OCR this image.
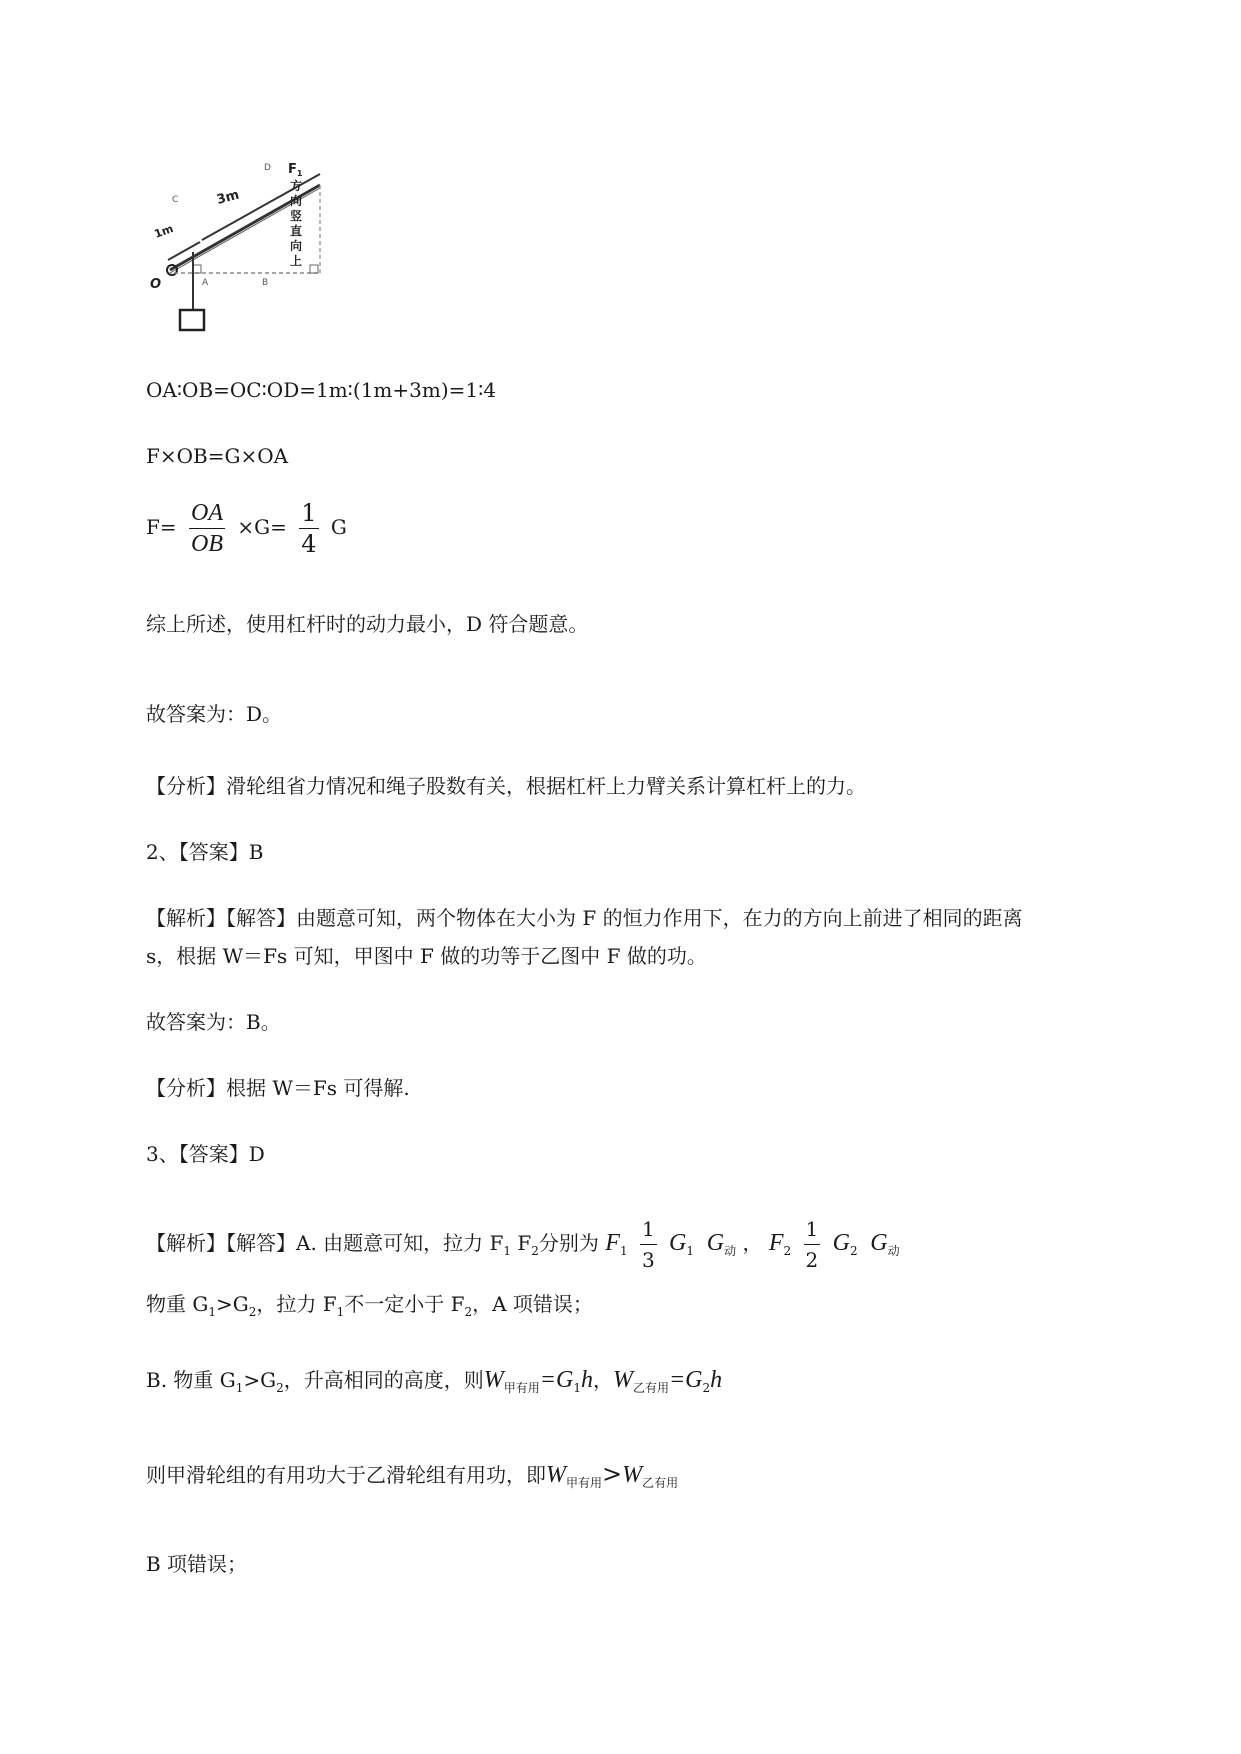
D $F_1$
方
向
竖
直
向
上
C	3m
1m
O	A	B
OA∶OB=OC∶OD=1m∶(1m+3m)=1∶4
F×OB=G×OA
$F= \frac{OA}{OB} \times G= \frac{1}{4}$ G
综上所述，使用杠杆时的动力最小，D 符合题意。
故答案为：D。
【分析】滑轮组省力情况和绳子股数有关，根据杠杆上力臂关系计算杠杆上的力。
2、【答案】B
【解析】【解答】由题意可知，两个物体在大小为 F 的恒力作用下，在力的方向上前进了相同的距离
s，根据 W＝Fs 可知，甲图中 F 做的功等于乙图中 F 做的功。
故答案为：B。
【分析】根据 W＝Fs 可得解.
3、【答案】D
【解析】【解答】A. 由题意可知，拉力 $F_1$ $F_2$分别为 $F_1 \frac{1}{3} G_1$ $G_动$ ， $F_2 \frac{1}{2} G_2$ $G_动$
物重 $G_1>G_2$，拉力 $F_1$不一定小于 $F_2$，A 项错误；
B. 物重 $G_1>G_2$，升高相同的高度，则$W_{甲有用}=G_1h$，$W_{乙有用}=G_2h$
则甲滑轮组的有用功大于乙滑轮组有用功，即$W_{甲有用}>W_{乙有用}$
B 项错误；
